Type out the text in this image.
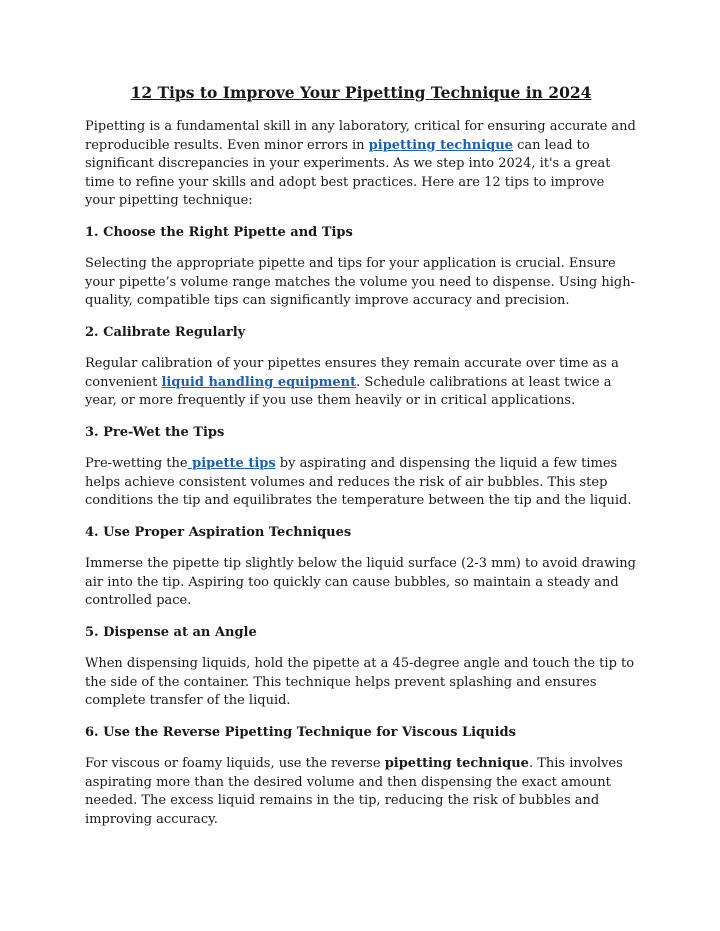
12 Tips to Improve Your Pipetting Technique in 2024

Pipetting is a fundamental skill in any laboratory, critical for ensuring accurate and reproducible results. Even minor errors in pipetting technique can lead to significant discrepancies in your experiments. As we step into 2024, it's a great time to refine your skills and adopt best practices. Here are 12 tips to improve your pipetting technique:

1. Choose the Right Pipette and Tips

Selecting the appropriate pipette and tips for your application is crucial. Ensure your pipette’s volume range matches the volume you need to dispense. Using high-quality, compatible tips can significantly improve accuracy and precision.

2. Calibrate Regularly

Regular calibration of your pipettes ensures they remain accurate over time as a convenient liquid handling equipment. Schedule calibrations at least twice a year, or more frequently if you use them heavily or in critical applications.

3. Pre-Wet the Tips

Pre-wetting the pipette tips by aspirating and dispensing the liquid a few times helps achieve consistent volumes and reduces the risk of air bubbles. This step conditions the tip and equilibrates the temperature between the tip and the liquid.

4. Use Proper Aspiration Techniques

Immerse the pipette tip slightly below the liquid surface (2-3 mm) to avoid drawing air into the tip. Aspiring too quickly can cause bubbles, so maintain a steady and controlled pace.

5. Dispense at an Angle

When dispensing liquids, hold the pipette at a 45-degree angle and touch the tip to the side of the container. This technique helps prevent splashing and ensures complete transfer of the liquid.

6. Use the Reverse Pipetting Technique for Viscous Liquids

For viscous or foamy liquids, use the reverse pipetting technique. This involves aspirating more than the desired volume and then dispensing the exact amount needed. The excess liquid remains in the tip, reducing the risk of bubbles and improving accuracy.
